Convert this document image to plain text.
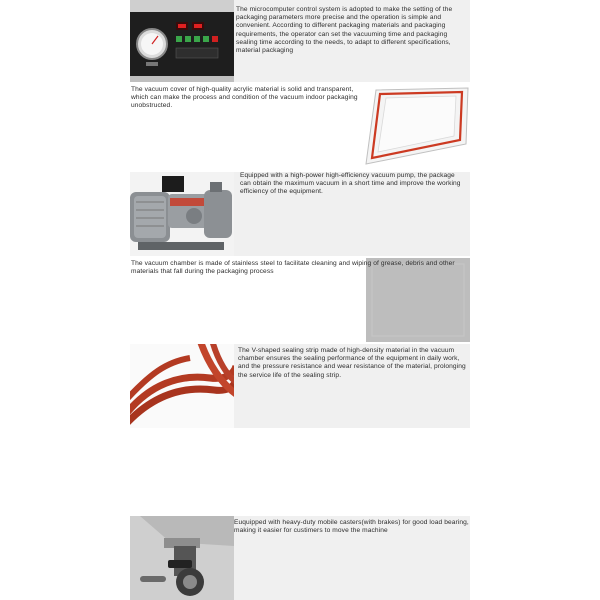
The microcomputer control system is adopted to make the setting of the packaging parameters more precise and the operation is simple and convenient. According to different packaging materials and packaging requirements, the operator can set the vacuuming time and packaging sealing time according to the needs, to adapt to different specifications, material packaging
The vacuum cover of high-quality acrylic material is solid and transparent, which can make the process and condition of the vacuum indoor packaging unobstructed.
Equipped with a high-power high-efficiency vacuum pump, the package can obtain the maximum vacuum in a short time and improve the working efficiency of the equipment.
The vacuum chamber is made of stainless steel to facilitate cleaning and wiping of grease, debris and other materials that fall during the packaging process
The V-shaped sealing strip made of high-density material in the vacuum chamber ensures the sealing performance of the equipment in daily work, and the pressure resistance and wear resistance of the material, prolonging the service life of the sealing strip.
Euquipped with heavy-duty mobile casters(with brakes) for good load bearing, making it easier for custimers to move the machine
